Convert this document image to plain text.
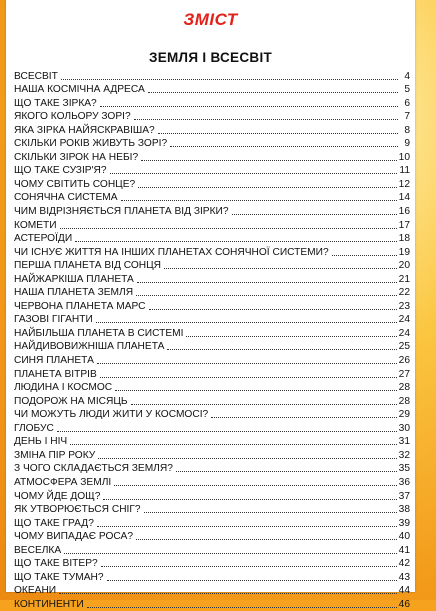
ЗМІСТ
ЗЕМЛЯ І ВСЕСВІТ
ВСЕСВІТ	4
НАША КОСМІЧНА АДРЕСА	5
ЩО ТАКЕ ЗІРКА?	6
ЯКОГО КОЛЬОРУ ЗОРІ?	7
ЯКА ЗІРКА НАЙЯСКРАВІША?	8
СКІЛЬКИ РОКІВ ЖИВУТЬ ЗОРІ?	9
СКІЛЬКИ ЗІРОК НА НЕБІ?	10
ЩО ТАКЕ СУЗІР'Я?	11
ЧОМУ СВІТИТЬ СОНЦЕ?	12
СОНЯЧНА СИСТЕМА	14
ЧИМ ВІДРІЗНЯЄТЬСЯ ПЛАНЕТА ВІД ЗІРКИ?	16
КОМЕТИ	17
АСТЕРОЇДИ	18
ЧИ ІСНУЄ ЖИТТЯ НА ІНШИХ ПЛАНЕТАХ СОНЯЧНОЇ СИСТЕМИ?	19
ПЕРША ПЛАНЕТА ВІД СОНЦЯ	20
НАЙЖАРКІША ПЛАНЕТА	21
НАША ПЛАНЕТА ЗЕМЛЯ	22
ЧЕРВОНА ПЛАНЕТА МАРС	23
ГАЗОВІ ГІГАНТИ	24
НАЙБІЛЬША ПЛАНЕТА В СИСТЕМІ	24
НАЙДИВОВИЖНІША ПЛАНЕТА	25
СИНЯ ПЛАНЕТА	26
ПЛАНЕТА ВІТРІВ	27
ЛЮДИНА І КОСМОС	28
ПОДОРОЖ НА МІСЯЦЬ	28
ЧИ МОЖУТЬ ЛЮДИ ЖИТИ У КОСМОСІ?	29
ГЛОБУС	30
ДЕНЬ І НІЧ	31
ЗМІНА ПІР РОКУ	32
З ЧОГО СКЛАДАЄТЬСЯ ЗЕМЛЯ?	35
АТМОСФЕРА ЗЕМЛІ	36
ЧОМУ ЙДЕ ДОЩ?	37
ЯК УТВОРЮЄТЬСЯ СНІГ?	38
ЩО ТАКЕ ГРАД?	39
ЧОМУ ВИПАДАЄ РОСА?	40
ВЕСЕЛКА	41
ЩО ТАКЕ ВІТЕР?	42
ЩО ТАКЕ ТУМАН?	43
ОКЕАНИ	44
КОНТИНЕНТИ	46
